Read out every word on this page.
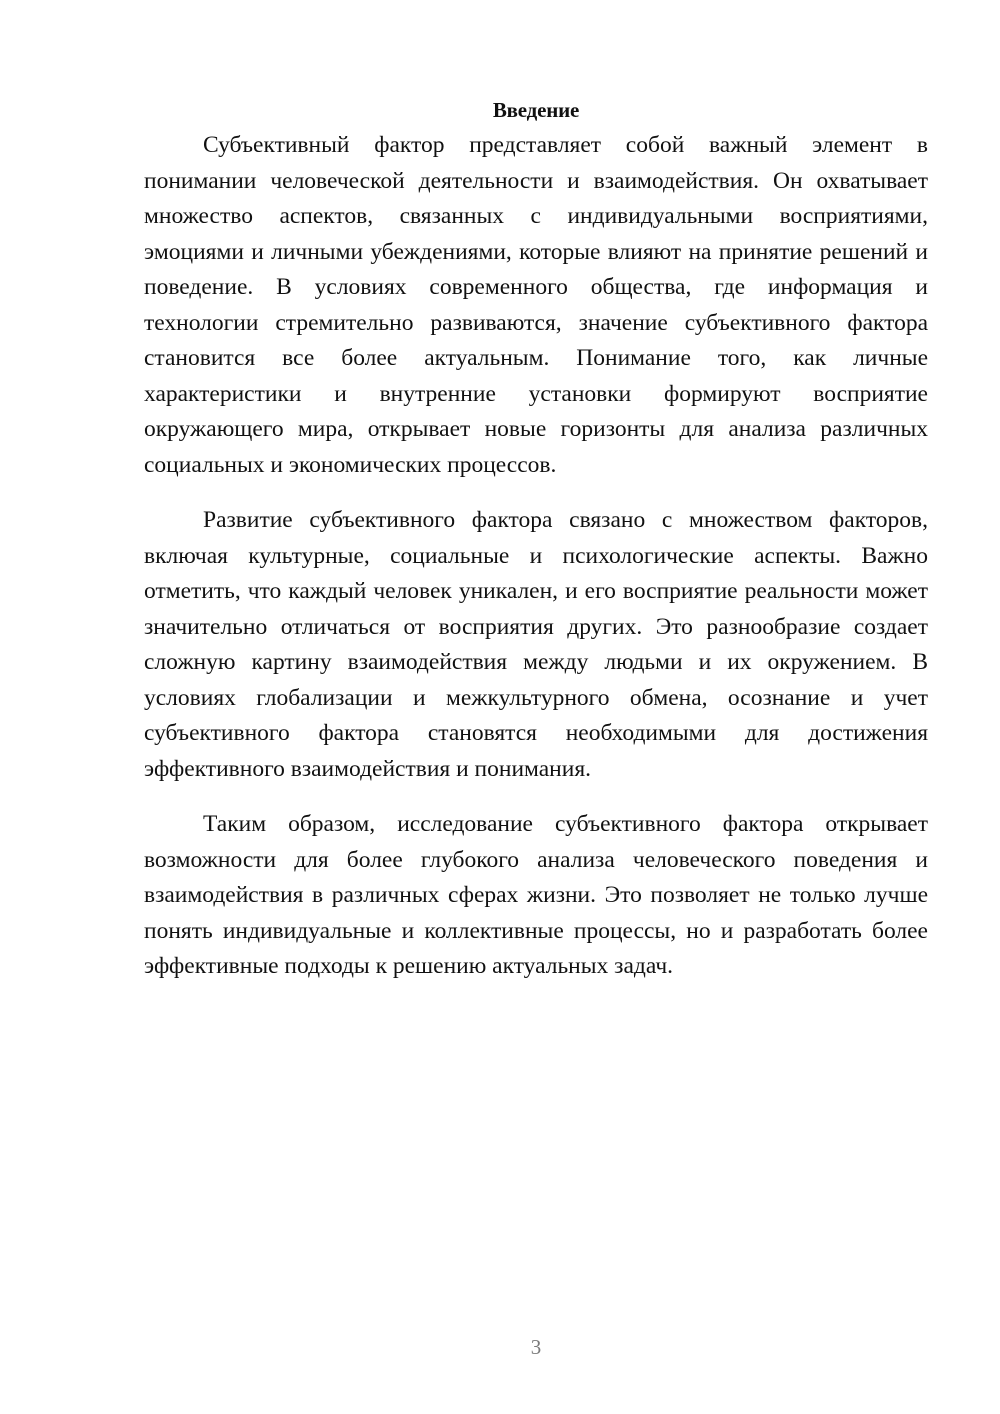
Введение

Субъективный фактор представляет собой важный элемент в понимании человеческой деятельности и взаимодействия. Он охватывает множество аспектов, связанных с индивидуальными восприятиями, эмоциями и личными убеждениями, которые влияют на принятие решений и поведение. В условиях современного общества, где информация и технологии стремительно развиваются, значение субъективного фактора становится все более актуальным. Понимание того, как личные характеристики и внутренние установки формируют восприятие окружающего мира, открывает новые горизонты для анализа различных социальных и экономических процессов.

Развитие субъективного фактора связано с множеством факторов, включая культурные, социальные и психологические аспекты. Важно отметить, что каждый человек уникален, и его восприятие реальности может значительно отличаться от восприятия других. Это разнообразие создает сложную картину взаимодействия между людьми и их окружением. В условиях глобализации и межкультурного обмена, осознание и учет субъективного фактора становятся необходимыми для достижения эффективного взаимодействия и понимания.

Таким образом, исследование субъективного фактора открывает возможности для более глубокого анализа человеческого поведения и взаимодействия в различных сферах жизни. Это позволяет не только лучше понять индивидуальные и коллективные процессы, но и разработать более эффективные подходы к решению актуальных задач.

3
